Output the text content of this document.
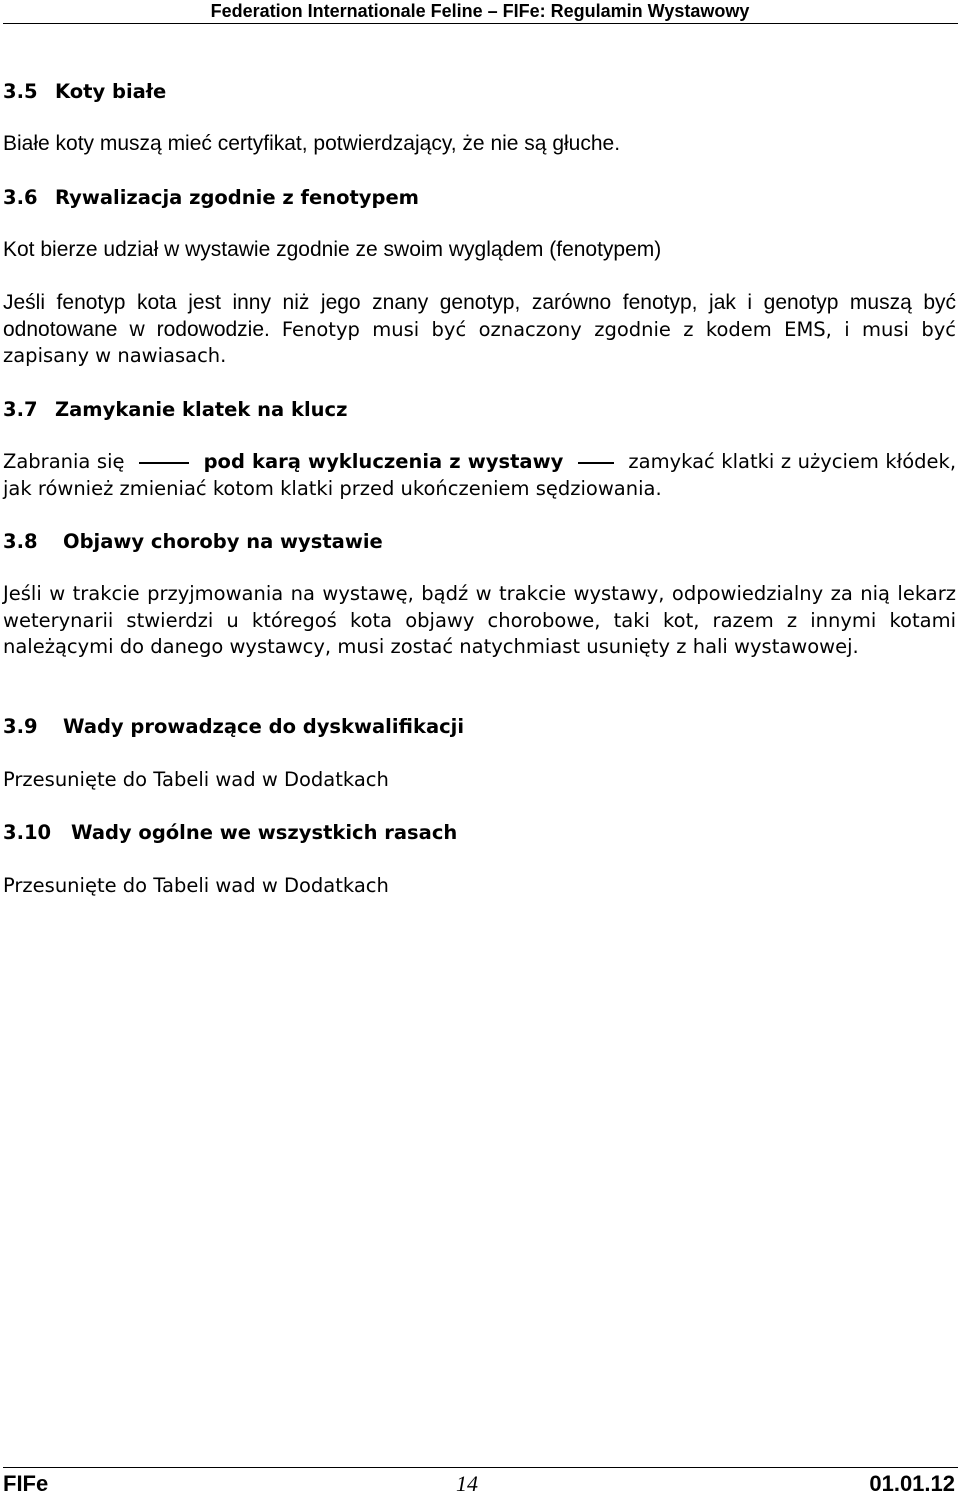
Federation Internationale Feline – FIFe: Regulamin Wystawowy
3.5 Koty białe
Białe koty muszą mieć certyfikat, potwierdzający, że nie są głuche.
3.6 Rywalizacja zgodnie z fenotypem
Kot bierze udział w wystawie zgodnie ze swoim wyglądem (fenotypem)
Jeśli fenotyp kota jest inny niż jego znany genotyp, zarówno fenotyp, jak i genotyp muszą być odnotowane w rodowodzie. Fenotyp musi być oznaczony zgodnie z kodem EMS, i musi być zapisany w nawiasach.
3.7 Zamykanie klatek na klucz
Zabrania się	pod karą wykluczenia z wystawy	zamykać klatki z użyciem kłódek, jak również zmieniać kotom klatki przed ukończeniem sędziowania.
3.8 Objawy choroby na wystawie
Jeśli w trakcie przyjmowania na wystawę, bądź w trakcie wystawy, odpowiedzialny za nią lekarz weterynarii stwierdzi u któregoś kota objawy chorobowe, taki kot, razem z innymi kotami należącymi do danego wystawcy, musi zostać natychmiast usunięty z hali wystawowej.
3.9 Wady prowadzące do dyskwalifikacji
Przesunięte do Tabeli wad w Dodatkach
3.10 Wady ogólne we wszystkich rasach
Przesunięte do Tabeli wad w Dodatkach
FIFe	14	01.01.12
